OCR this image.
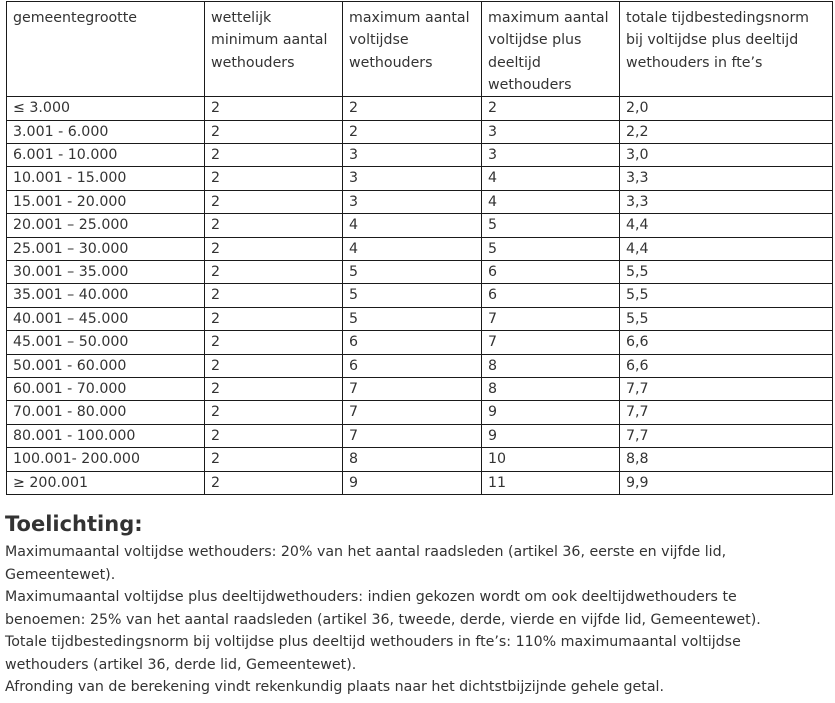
gemeentegrootte	wettelijk minimum aantal wethouders	maximum aantal voltijdse wethouders	maximum aantal voltijdse plus deeltijd wethouders	totale tijdbestedingsnorm bij voltijdse plus deeltijd wethouders in fte’s
≤ 3.000	2	2	2	2,0
3.001 - 6.000	2	2	3	2,2
6.001 - 10.000	2	3	3	3,0
10.001 - 15.000	2	3	4	3,3
15.001 - 20.000	2	3	4	3,3
20.001 – 25.000	2	4	5	4,4
25.001 – 30.000	2	4	5	4,4
30.001 – 35.000	2	5	6	5,5
35.001 – 40.000	2	5	6	5,5
40.001 – 45.000	2	5	7	5,5
45.001 – 50.000	2	6	7	6,6
50.001 - 60.000	2	6	8	6,6
60.001 - 70.000	2	7	8	7,7
70.001 - 80.000	2	7	9	7,7
80.001 - 100.000	2	7	9	7,7
100.001- 200.000	2	8	10	8,8
≥ 200.001	2	9	11	9,9
Toelichting:

Maximumaantal voltijdse wethouders: 20% van het aantal raadsleden (artikel 36, eerste en vijfde lid,

Gemeentewet).

Maximumaantal voltijdse plus deeltijdwethouders: indien gekozen wordt om ook deeltijdwethouders te

benoemen: 25% van het aantal raadsleden (artikel 36, tweede, derde, vierde en vijfde lid, Gemeentewet).

Totale tijdbestedingsnorm bij voltijdse plus deeltijd wethouders in fte’s: 110% maximumaantal voltijdse

wethouders (artikel 36, derde lid, Gemeentewet).

Afronding van de berekening vindt rekenkundig plaats naar het dichtstbijzijnde gehele getal.
